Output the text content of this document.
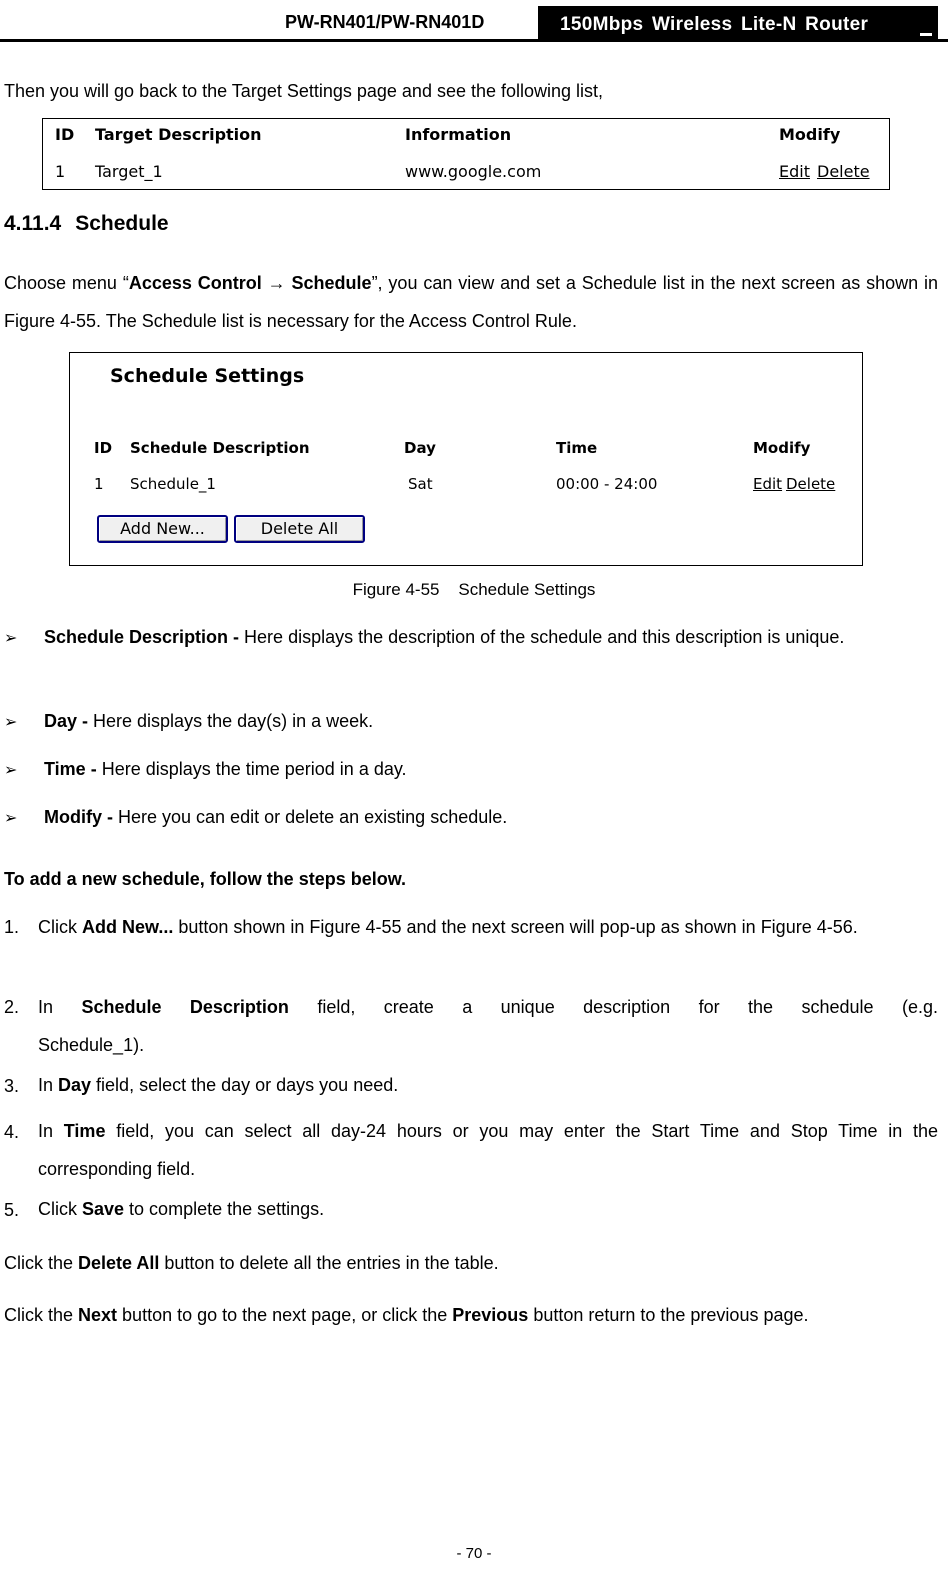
PW-RN401/PW-RN401D	150Mbps Wireless Lite-N Router
Then you will go back to the Target Settings page and see the following list,
ID Target Description	Information	Modify
1 Target_1	www.google.com	Edit Delete
4.11.4 Schedule
Choose menu “Access Control → Schedule”, you can view and set a Schedule list in the next screen as shown in Figure 4-55. The Schedule list is necessary for the Access Control Rule.
Schedule Settings
ID Schedule Description	Day	Time	Modify
1 Schedule_1	Sat	00:00 - 24:00	Edit Delete
Add New...	Delete All
Figure 4-55    Schedule Settings
➢	Schedule Description - Here displays the description of the schedule and this description is unique.
➢	Day - Here displays the day(s) in a week.
➢	Time - Here displays the time period in a day.
➢	Modify - Here you can edit or delete an existing schedule.
To add a new schedule, follow the steps below.
1. Click Add New... button shown in Figure 4-55 and the next screen will pop-up as shown in Figure 4-56.
2. In Schedule Description field, create a unique description for the schedule (e.g. Schedule_1).
3. In Day field, select the day or days you need.
4. In Time field, you can select all day-24 hours or you may enter the Start Time and Stop Time in the corresponding field.
5. Click Save to complete the settings.
Click the Delete All button to delete all the entries in the table.
Click the Next button to go to the next page, or click the Previous button return to the previous page.
- 70 -
